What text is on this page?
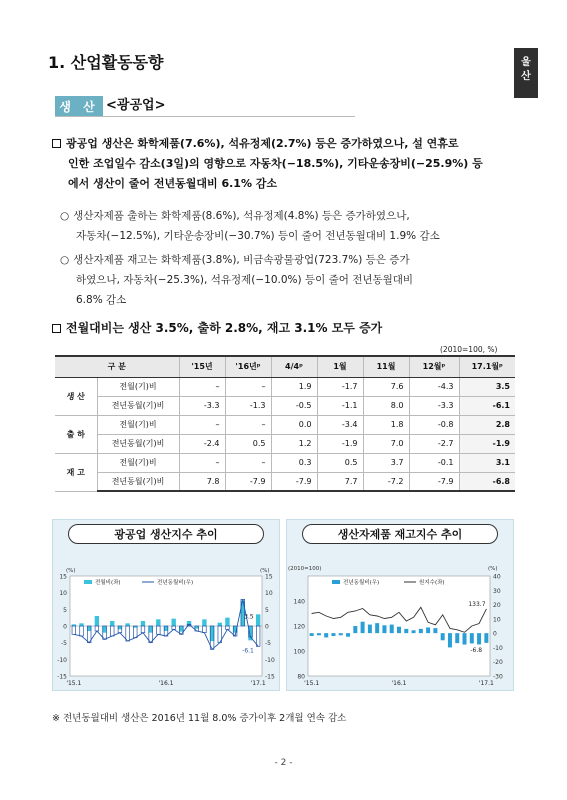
1. 산업활동동향	울
산
생 산 <광공업>
광공업 생산은 화학제품(7.6%), 석유정제(2.7%) 등은 증가하였으나, 설 연휴로
인한 조업일수 감소(3일)의 영향으로 자동차(−18.5%), 기타운송장비(−25.9%) 등
에서 생산이 줄어 전년동월대비 6.1% 감소
○ 생산자제품 출하는 화학제품(8.6%), 석유정제(4.8%) 등은 증가하였으나,
자동차(−12.5%), 기타운송장비(−30.7%) 등이 줄어 전년동월대비 1.9% 감소
○ 생산자제품 재고는 화학제품(3.8%), 비금속광물광업(723.7%) 등은 증가
하였으나, 자동차(−25.3%), 석유정제(−10.0%) 등이 줄어 전년동월대비
6.8% 감소
전월대비는 생산 3.5%, 출하 2.8%, 재고 3.1% 모두 증가
(2010=100, %)
구 분		'15년	'16년ᵖ	4/4ᵖ	1월	11월	12월ᵖ	17.1월ᵖ
생 산	전월(기)비	–	–	1.9	-1.7	7.6	-4.3	3.5
	전년동월(기)비	-3.3	-1.3	-0.5	-1.1	8.0	-3.3	-6.1
출 하	전월(기)비	–	–	0.0	-3.4	1.8	-0.8	2.8
	전년동월(기)비	-2.4	0.5	1.2	-1.9	7.0	-2.7	-1.9
재 고	전월(기)비	–	–	0.3	0.5	3.7	-0.1	3.1
	전년동월(기)비	7.8	-7.9	-7.9	7.7	-7.2	-7.9	-6.8
광공업 생산지수 추이	생산자제품 재고지수 추이
15	15
10	10
5	5
0	0
-5	-5
-10	-10
-15	-15
(%)	(%)
전월비(좌)	전년동월비(우)
3.5
-6.1
'15.1	'16.1	'17.1
140
120
100
80
40
30
20
10
0
-10
-20
-30
(2010=100)	(%)
전년동월비(우)	원지수(좌)
133.7
-6.8
'15.1	'16.1	'17.1
※ 전년동월대비 생산은 2016년 11월 8.0% 증가이후 2개월 연속 감소
- 2 -
